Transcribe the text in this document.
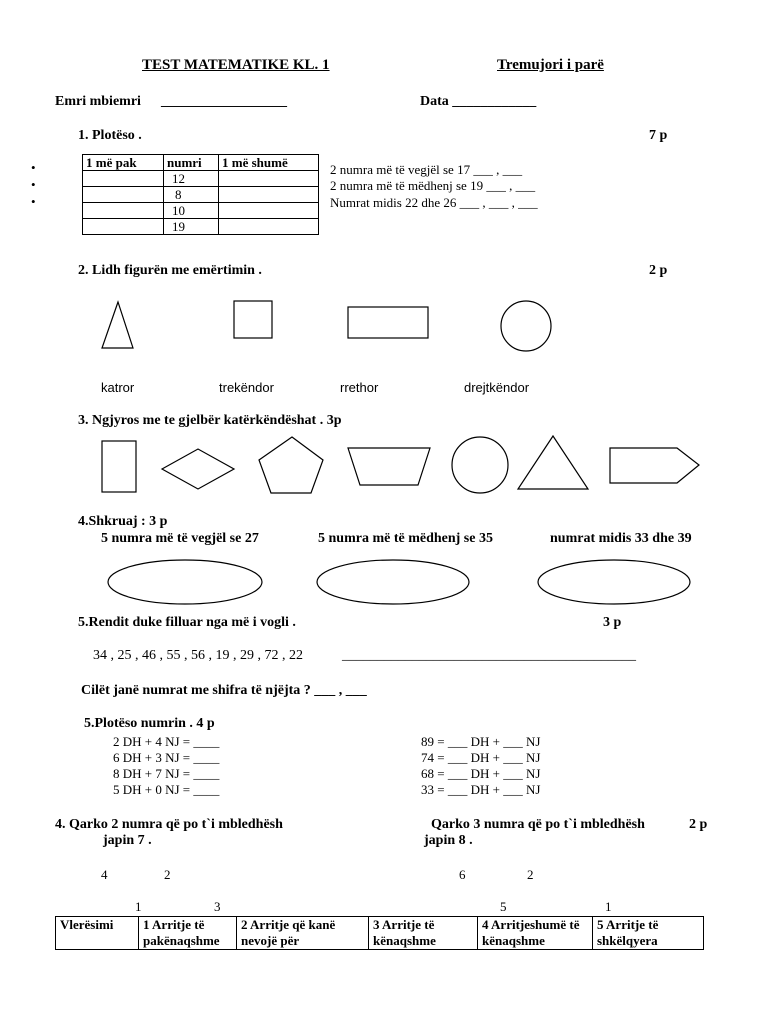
TEST MATEMATIKE KL. 1	Tremujori i parë
Emri mbiemri __________________	Data ____________
1. Plotëso .	7 p
•
•
•
1 më pak	numri	1 më shumë
	12	
	8	
	10	
	19	
2 numra më të vegjël se 17 ___ , ___
2 numra më të mëdhenj se 19 ___ , ___
Numrat midis 22 dhe 26 ___ , ___ , ___
2. Lidh figurën me emërtimin .	2 p
katror	trekëndor	rrethor	drejtkëndor
3. Ngjyros me te gjelbër katërkëndëshat . 3p
4.Shkruaj : 3 p
5 numra më të vegjël se 27	5 numra më të mëdhenj se 35	numrat midis 33 dhe 39
5.Rendit duke filluar nga më i vogli .	3 p
34 , 25 , 46 , 55 , 56 , 19 , 29 , 72 , 22	__________________________________________
Cilët janë numrat me shifra të njëjta ? ___ , ___
5.Plotëso numrin . 4 p
2 DH + 4 NJ = ____
6 DH + 3 NJ = ____
8 DH + 7 NJ = ____
5 DH + 0 NJ = ____
89 = ___ DH + ___ NJ
74 = ___ DH + ___ NJ
68 = ___ DH + ___ NJ
33 = ___ DH + ___ NJ
4. Qarko 2 numra që po t`i mbledhësh
japin 7 .
Qarko 3 numra që po t`i mbledhësh
japin 8 .
2 p
4	2
1	3
6	2
5	1
Vlerësimi	1 Arritje të pakënaqshme	2 Arritje që kanë nevojë për	3 Arritje të kënaqshme	4 Arritjeshumë të kënaqshme	5 Arritje të shkëlqyera
